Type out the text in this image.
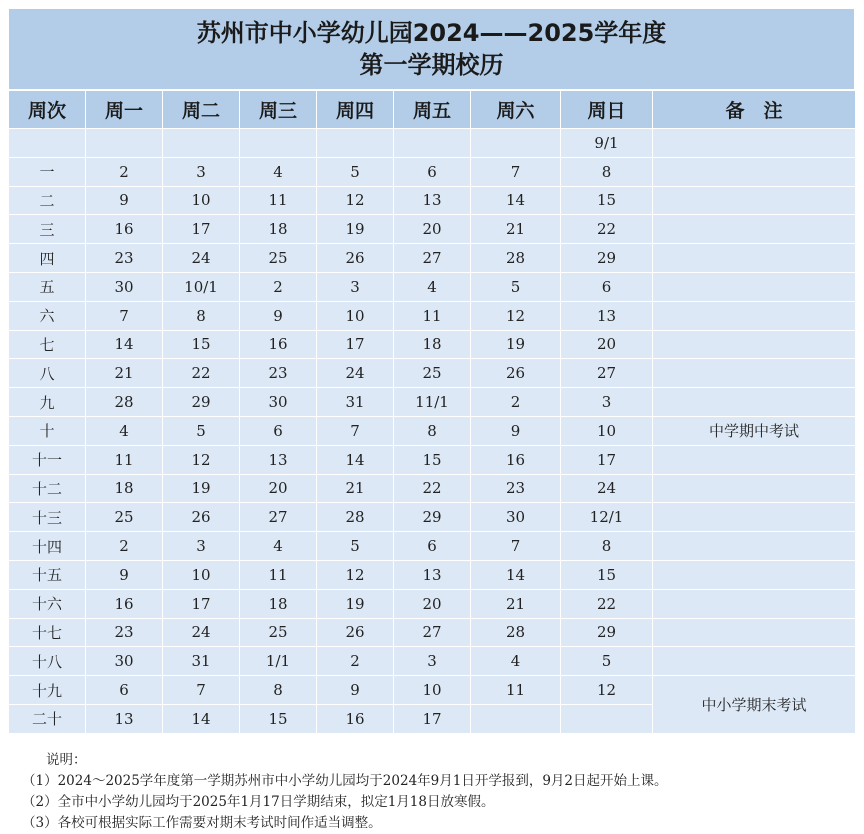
苏州市中小学幼儿园2024——2025学年度
第一学期校历
周次	周一	周二	周三	周四	周五	周六	周日	备　注
							9/1	
一	2	3	4	5	6	7	8	
二	9	10	11	12	13	14	15	
三	16	17	18	19	20	21	22	
四	23	24	25	26	27	28	29	
五	30	10/1	2	3	4	5	6	
六	7	8	9	10	11	12	13	
七	14	15	16	17	18	19	20	
八	21	22	23	24	25	26	27	
九	28	29	30	31	11/1	2	3	
十	4	5	6	7	8	9	10	中学期中考试
十一	11	12	13	14	15	16	17	
十二	18	19	20	21	22	23	24	
十三	25	26	27	28	29	30	12/1	
十四	2	3	4	5	6	7	8	
十五	9	10	11	12	13	14	15	
十六	16	17	18	19	20	21	22	
十七	23	24	25	26	27	28	29	
十八	30	31	1/1	2	3	4	5	
十九	6	7	8	9	10	11	12	中小学期末考试
二十	13	14	15	16	17			
说明：
（1）2024～2025学年度第一学期苏州市中小学幼儿园均于2024年9月1日开学报到，9月2日起开始上课。
（2）全市中小学幼儿园均于2025年1月17日学期结束，拟定1月18日放寒假。
（3）各校可根据实际工作需要对期末考试时间作适当调整。
